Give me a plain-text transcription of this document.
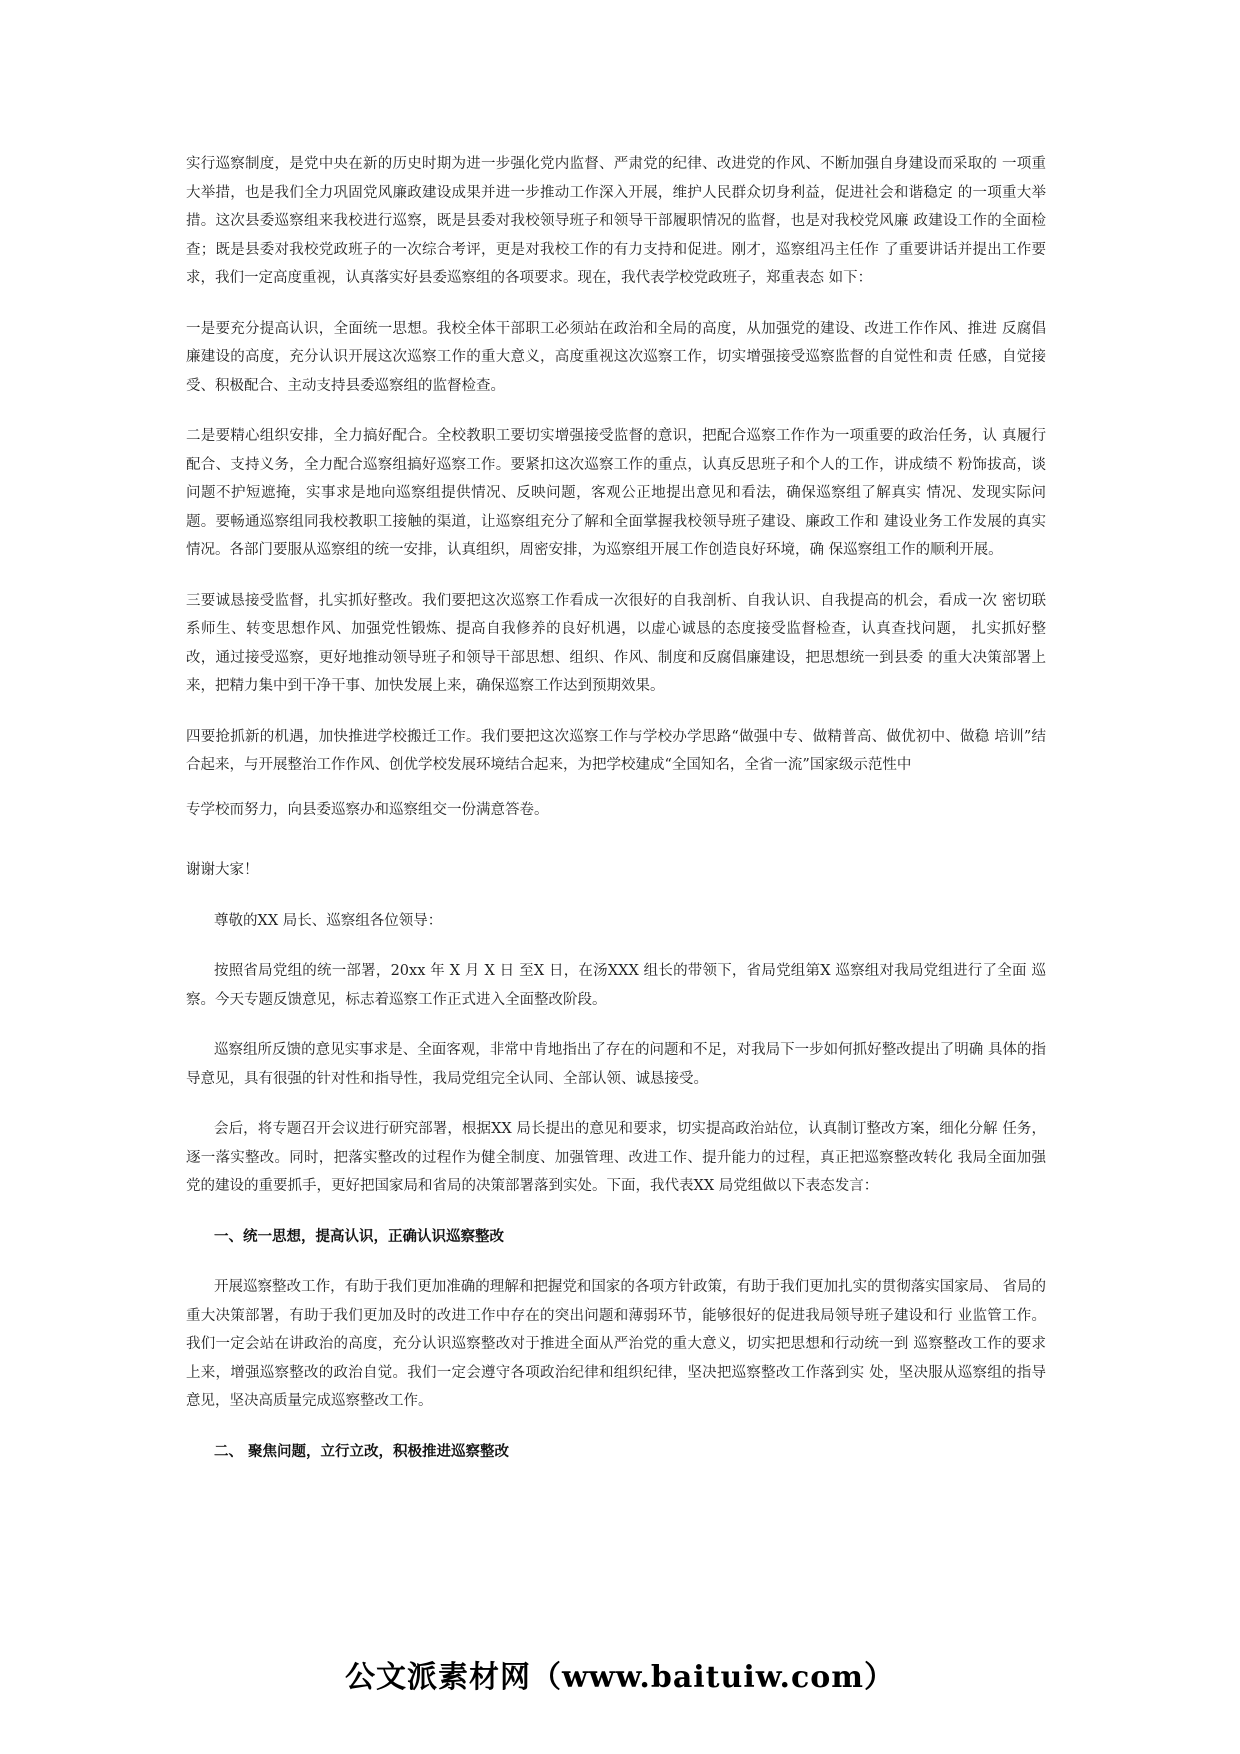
实行巡察制度，是党中央在新的历史时期为进一步强化党内监督、严肃党的纪律、改进党的作风、不断加强自身建设而采取的 一项重大举措，也是我们全力巩固党风廉政建设成果并进一步推动工作深入开展，维护人民群众切身利益，促进社会和谐稳定 的一项重大举措。这次县委巡察组来我校进行巡察，既是县委对我校领导班子和领导干部履职情况的监督，也是对我校党风廉 政建设工作的全面检查；既是县委对我校党政班子的一次综合考评，更是对我校工作的有力支持和促进。刚才，巡察组冯主任作 了重要讲话并提出工作要求，我们一定高度重视，认真落实好县委巡察组的各项要求。现在，我代表学校党政班子，郑重表态 如下：

一是要充分提高认识，全面统一思想。我校全体干部职工必须站在政治和全局的高度，从加强党的建设、改进工作作风、推进 反腐倡廉建设的高度，充分认识开展这次巡察工作的重大意义，高度重视这次巡察工作，切实增强接受巡察监督的自觉性和责 任感，自觉接受、积极配合、主动支持县委巡察组的监督检查。

二是要精心组织安排，全力搞好配合。全校教职工要切实增强接受监督的意识，把配合巡察工作作为一项重要的政治任务，认 真履行配合、支持义务，全力配合巡察组搞好巡察工作。要紧扣这次巡察工作的重点，认真反思班子和个人的工作，讲成绩不 粉饰拔高，谈问题不护短遮掩，实事求是地向巡察组提供情况、反映问题，客观公正地提出意见和看法，确保巡察组了解真实 情况、发现实际问题。要畅通巡察组同我校教职工接触的渠道，让巡察组充分了解和全面掌握我校领导班子建设、廉政工作和 建设业务工作发展的真实情况。各部门要服从巡察组的统一安排，认真组织，周密安排，为巡察组开展工作创造良好环境，确 保巡察组工作的顺利开展。

三要诚恳接受监督，扎实抓好整改。我们要把这次巡察工作看成一次很好的自我剖析、自我认识、自我提高的机会，看成一次 密切联系师生、转变思想作风、加强党性锻炼、提高自我修养的良好机遇，以虚心诚恳的态度接受监督检查，认真查找问题， 扎实抓好整改，通过接受巡察，更好地推动领导班子和领导干部思想、组织、作风、制度和反腐倡廉建设，把思想统一到县委 的重大决策部署上来，把精力集中到干净干事、加快发展上来，确保巡察工作达到预期效果。

四要抢抓新的机遇，加快推进学校搬迁工作。我们要把这次巡察工作与学校办学思路“做强中专、做精普高、做优初中、做稳 培训”结合起来，与开展整治工作作风、创优学校发展环境结合起来，为把学校建成“全国知名，全省一流”国家级示范性中

专学校而努力，向县委巡察办和巡察组交一份满意答卷。

谢谢大家！

尊敬的XX 局长、巡察组各位领导：

按照省局党组的统一部署，20xx 年 X 月 X 日 至X 日，在汤XXX 组长的带领下，省局党组第X 巡察组对我局党组进行了全面 巡察。今天专题反馈意见，标志着巡察工作正式进入全面整改阶段。

巡察组所反馈的意见实事求是、全面客观，非常中肯地指出了存在的问题和不足，对我局下一步如何抓好整改提出了明确 具体的指导意见，具有很强的针对性和指导性，我局党组完全认同、全部认领、诚恳接受。

会后，将专题召开会议进行研究部署，根据XX 局长提出的意见和要求，切实提高政治站位，认真制订整改方案，细化分解 任务，逐一落实整改。同时，把落实整改的过程作为健全制度、加强管理、改进工作、提升能力的过程，真正把巡察整改转化 我局全面加强党的建设的重要抓手，更好把国家局和省局的决策部署落到实处。下面，我代表XX 局党组做以下表态发言：

一、统一思想，提高认识，正确认识巡察整改

开展巡察整改工作，有助于我们更加准确的理解和把握党和国家的各项方针政策，有助于我们更加扎实的贯彻落实国家局、 省局的重大决策部署，有助于我们更加及时的改进工作中存在的突出问题和薄弱环节，能够很好的促进我局领导班子建设和行 业监管工作。我们一定会站在讲政治的高度，充分认识巡察整改对于推进全面从严治党的重大意义，切实把思想和行动统一到 巡察整改工作的要求上来，增强巡察整改的政治自觉。我们一定会遵守各项政治纪律和组织纪律，坚决把巡察整改工作落到实 处，坚决服从巡察组的指导意见，坚决高质量完成巡察整改工作。

二、 聚焦问题，立行立改，积极推进巡察整改
公文派素材网（www.baituiw.com）
